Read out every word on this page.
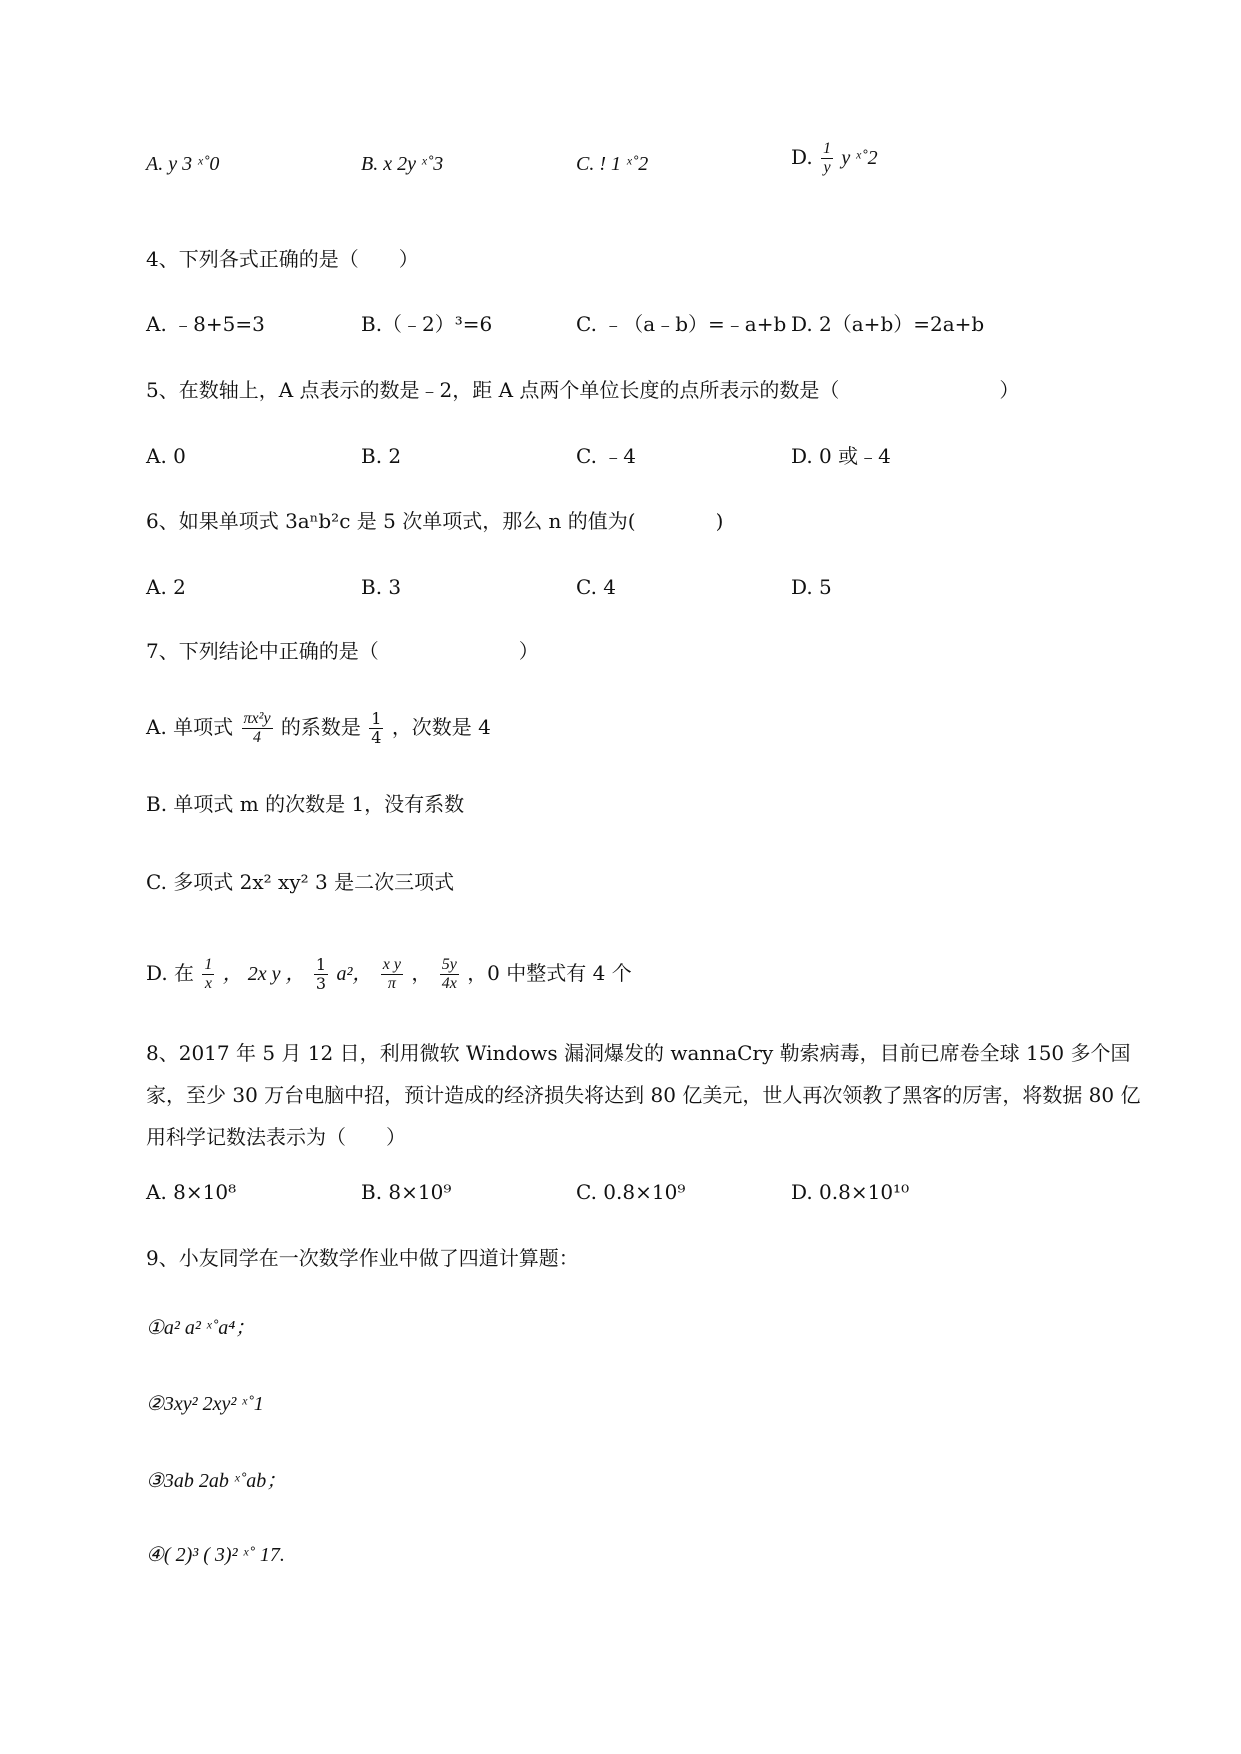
A. y 3 ˣ˚0	B. x 2y ˣ˚3	C. ! 1 ˣ˚2	D. $\frac{1}{y}$ y ˣ˚2
4、下列各式正确的是（　　）
A. ﹣8+5=3	B.（﹣2）³=6	C. ﹣（a﹣b）=﹣a+b D. 2（a+b）=2a+b
5、在数轴上，A 点表示的数是﹣2，距 A 点两个单位长度的点所表示的数是（　　　　　　　　）
A. 0	B. 2	C. ﹣4	D. 0 或﹣4
6、如果单项式 3aⁿb²c 是 5 次单项式，那么 n 的值为(　　　　)
A. 2	B. 3	C. 4	D. 5
7、下列结论中正确的是（　　　　　　　）
A. 单项式 $\frac{\text{πx²y}}{4}$ 的系数是 $\frac{1}{4}$ ，次数是 4
B. 单项式 m 的次数是 1，没有系数
C. 多项式 2x² xy² 3 是二次三项式
D. 在 $\frac{1}{x}$ ， 2x y ， $\frac{1}{3} a^2$， $\frac{\text{x y}}{\pi}$ ， $\frac{5y}{4x}$ ，0 中整式有 4 个
8、2017 年 5 月 12 日，利用微软 Windows 漏洞爆发的 wannaCry 勒索病毒，目前已席卷全球 150 多个国家，至少 30 万台电脑中招，预计造成的经济损失将达到 80 亿美元，世人再次领教了黑客的厉害，将数据 80 亿用科学记数法表示为（　　）
A. 8×10⁸	B. 8×10⁹	C. 0.8×10⁹	D. 0.8×10¹⁰
9、小友同学在一次数学作业中做了四道计算题：
①a² a² ˣ˚a⁴；
②3xy² 2xy² ˣ˚1
③3ab 2ab ˣ˚ab；
④( 2)³ ( 3)² ˣ˚ 17.
